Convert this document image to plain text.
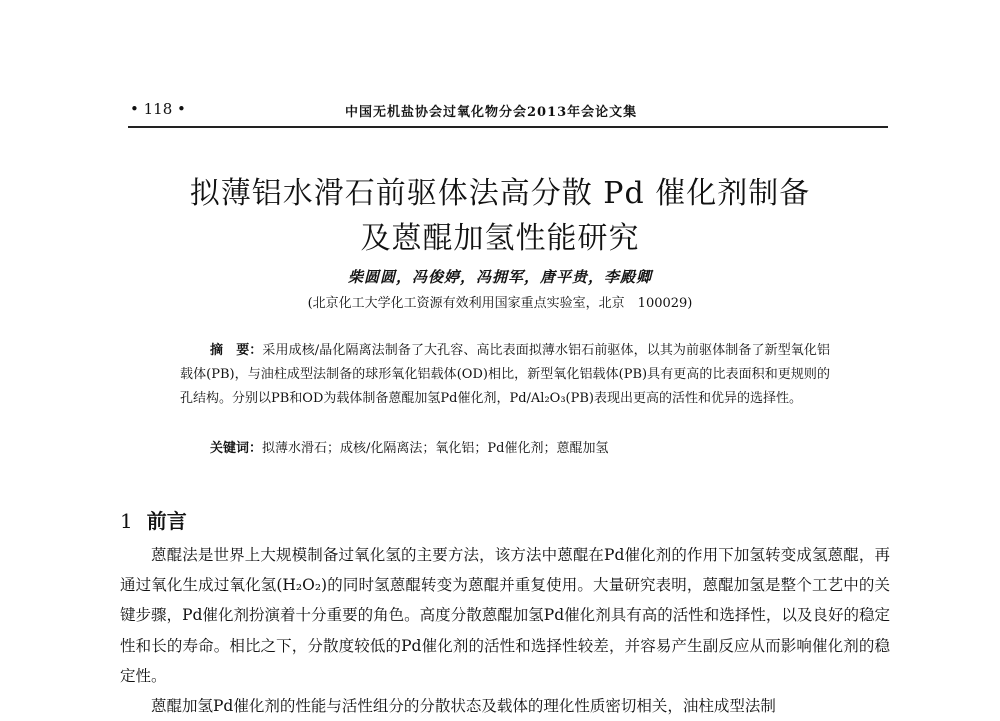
• 118 •	中国无机盐协会过氧化物分会2013年会论文集
拟薄铝水滑石前驱体法高分散 Pd 催化剂制备
及蒽醌加氢性能研究
柴圆圆，冯俊婷，冯拥军，唐平贵，李殿卿
(北京化工大学化工资源有效利用国家重点实验室，北京　100029)
摘　要：采用成核/晶化隔离法制备了大孔容、高比表面拟薄水铝石前驱体，以其为前驱体制备了新型氧化铝载体(PB)，与油柱成型法制备的球形氧化铝载体(OD)相比，新型氧化铝载体(PB)具有更高的比表面积和更规则的孔结构。分别以PB和OD为载体制备蒽醌加氢Pd催化剂，Pd/Al₂O₃(PB)表现出更高的活性和优异的选择性。
关键词：拟薄水滑石；成核/化隔离法；氧化铝；Pd催化剂；蒽醌加氢
1 前言

蒽醌法是世界上大规模制备过氧化氢的主要方法，该方法中蒽醌在Pd催化剂的作用下加氢转变成氢蒽醌，再通过氧化生成过氧化氢(H₂O₂)的同时氢蒽醌转变为蒽醌并重复使用。大量研究表明，蒽醌加氢是整个工艺中的关键步骤，Pd催化剂扮演着十分重要的角色。高度分散蒽醌加氢Pd催化剂具有高的活性和选择性，以及良好的稳定性和长的寿命。相比之下，分散度较低的Pd催化剂的活性和选择性较差，并容易产生副反应从而影响催化剂的稳定性。

蒽醌加氢Pd催化剂的性能与活性组分的分散状态及载体的理化性质密切相关，油柱成型法制
